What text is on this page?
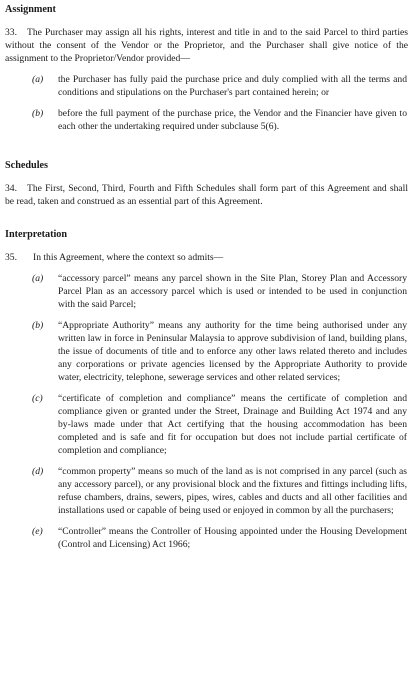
Assignment

33. The Purchaser may assign all his rights, interest and title in and to the said Parcel to third parties without the consent of the Vendor or the Proprietor, and the Purchaser shall give notice of the assignment to the Proprietor/Vendor provided—

(a)	the Purchaser has fully paid the purchase price and duly complied with all the terms and conditions and stipulations on the Purchaser's part contained herein; or
(b)	before the full payment of the purchase price, the Vendor and the Financier have given to each other the undertaking required under subclause 5(6).
Schedules

34. The First, Second, Third, Fourth and Fifth Schedules shall form part of this Agreement and shall be read, taken and construed as an essential part of this Agreement.

Interpretation

35. In this Agreement, where the context so admits—

(a)	“accessory parcel” means any parcel shown in the Site Plan, Storey Plan and Accessory Parcel Plan as an accessory parcel which is used or intended to be used in conjunction with the said Parcel;
(b)	“Appropriate Authority” means any authority for the time being authorised under any written law in force in Peninsular Malaysia to approve subdivision of land, building plans, the issue of documents of title and to enforce any other laws related thereto and includes any corporations or private agencies licensed by the Appropriate Authority to provide water, electricity, telephone, sewerage services and other related services;
(c)	“certificate of completion and compliance” means the certificate of completion and compliance given or granted under the Street, Drainage and Building Act 1974 and any by-laws made under that Act certifying that the housing accommodation has been completed and is safe and fit for occupation but does not include partial certificate of completion and compliance;
(d)	“common property” means so much of the land as is not comprised in any parcel (such as any accessory parcel), or any provisional block and the fixtures and fittings including lifts, refuse chambers, drains, sewers, pipes, wires, cables and ducts and all other facilities and installations used or capable of being used or enjoyed in common by all the purchasers;
(e)	“Controller” means the Controller of Housing appointed under the Housing Development (Control and Licensing) Act 1966;
